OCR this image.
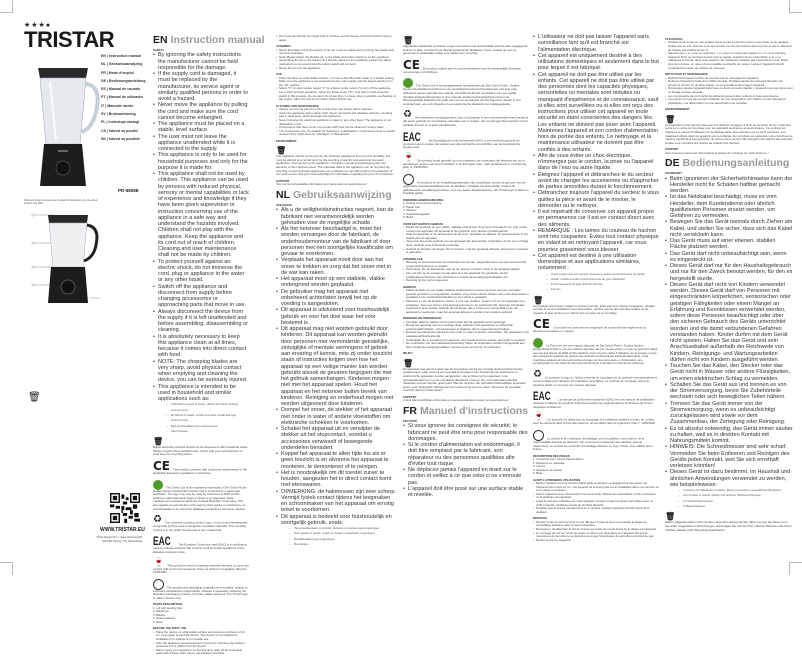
★★★●
TRISTAR
EN | Instruction manual
NL | Gebruiksaanwijzing
FR | Mode d'emploi
DE | Bedienungsanleitung
ES | Manual de usuario
PT | Manual de utilizador
IT | Manuale utente
SV | Bruksanvisning
PL | Instrukcja obsługi
CS | Návod na použití
SK | Návod na použitie
PD-5608E
Parts and product pictures are provided for illustration only; the actual product may differ.
🗑
WWW.TRISTAR.EU
Tristar Europe B.V. | Jules Verneweg 87 5015 BH Tilburg | The Netherlands
EN Instruction manual
SAFETY
• By ignoring the safety instructions the manufacturer cannot be held responsible for the damage.
• If the supply cord is damaged, it must be replaced by the manufacturer, its service agent or similarly qualified persons in order to avoid a hazard.
• Never move the appliance by pulling the cord and make sure the cord cannot become entangled.
• The appliance must be placed on a stable, level surface.
• The user must not leave the appliance unattended while it is connected to the supply.
• This appliance is only to be used for household purposes and only for the purpose it is made for.
• This appliance shall not be used by children. This appliance can be used by persons with reduced physical, sensory or mental capabilities or lack of experience and knowledge if they have been given supervision or instruction concerning use of the appliance in a safe way and understand the hazards involved. Children shall not play with the appliance. Keep the appliance and its cord out of reach of children. Cleaning and user maintenance shall not be made by children.
• To protect yourself against an electric shock, do not immerse the cord, plug or appliance in the water or any other liquid.
• Switch off the appliance and disconnect from supply before changing accessories or approaching parts that move in use.
• Always disconnect the device from the supply if it is left unattended and before assembling, disassembling or cleaning.
• It is absolutely necessary to keep this appliance clean at all times, because it comes into direct contact with food.
• NOTE: The chopping blades are very sharp, avoid physical contact when emptying and cleaning the device, you can be seriously injured.
• This appliance is intended to be used in household and similar applications such as:
– Staff kitchen areas in shops, offices and other working environments.
– By clients in hotels, motels and other residential type environments.
– Bed and breakfast type environments.
– Farm houses.
🗑
Waste electrical products should not be disposed of with household waste. Please recycle where facilities exist. Check with your local Authority or local store for recycling advice.
CE This product complies with conformity requirements of the applicable European regulations or directives.
The Green Dot is the registered trademark of Der Grüne Punkt - Duales System Deutschland GmbH and is protected as a trademark worldwide. The logo may only be used by customers of DSD GmbH holding a valid trademark usage contract or by approved waste management companies within the Federal Republic of Germany. This also applies to reproduction of the logo by third parties in a dictionary, an encyclopaedia or an electronic database containing a reference manual.
♻ The universal recycling symbol, logo, or icon is an internationally recognized symbol used to designate recyclable materials. The recycling symbol is in the public domain and is not a trademark.
EAC	The Eurasian Conformity mark (EAC) is a certification mark to indicate products that conform to all technical regulations of the Eurasian Customs Union.
🍷 This symbol is used for marking materials intended to come into contact with food in the European Union as defined in regulation (EC) No 1935/2004.
The product and packaging materials are recyclable, subject to extended manufacturer responsibility. Dispose it separately, following the illustrated packaging symbols, for better waste treatment. The Triman logo is valid in France only.
PARTS DESCRIPTION
1. Lid with feeding inlet
2. Plastic jar
3. Blades
4. Speed selector
5. Base
BEFORE THE FIRST USE
• Place the device on a flat stable surface and ensure a minimum of 10 cm. free space around the device. This device is not suitable for installation in a cabinet or for outside use.
• Take the appliance and accessories out the box. Remove the stickers, protective foil or plastic from the device.
• Before using your appliance for the first time, wipe off all removable parts with a damp cloth. Never use abrasive products.
• Don't use the blender for longer than 2 minutes. Let the device cool down before using it again.
ASSEMBLY
• Mount the blade unit to the bottom of the jar. Lock the blade unit by turning the plastic lock ring anti-clockwise.
• Note! Please fasten the blender jar on the blade unit before placing it on the appliance.
• Assembling the jar on the blade unit if already placed in the appliance causes the safety mechanism to not extend and the safety switch will not work.
• Mount the jar onto the appliance.
USE
• Place the base on a flat stable surface, not near a sink filled with water or a similar setting. Make sure the appliance is not connected to the main supply and the speed selector is in the "off" position.
• Select "1" for slow modes, select "2" for a faster mode, select 0 to turn off the appliance. For a short and fast operation, select the Pulse mode ("P"), and hold to hold down the switch in this position. Do not use it for longer than 1 minute, due to possible overheating of the engine. Allow the unit to cool down before further use.
CLEANING AND MAINTENANCE
• Always remove the plug from the socket when the device will be cleaned.
• Clean the appliance with a damp cloth. Never use harsh and abrasive cleaners, scouring pad or steel wool, which damages the appliance.
• Never immerse the electrical appliance in water or any other liquid. The appliance is not dishwasher proof.
• Components that have come into contact with food can be cleaned in soapy water.
• The components are not suitable for cleaning in a dishwasher. If exposed to heat or caustic cleaners they might become misshapen or discoloured.
ENVIRONMENT
🗑
This appliance should not be put into the domestic garbage at the end of its durability, but must be offered at a central point for the recycling of electric and electronic domestic appliances. This symbol on the appliance, instruction manual and packaging puts your attention to this important issue. The materials used in this appliance can be recycled. By recycling of used domestic appliances you contribute an important push to the protection of our environment. Ask your local authorities for information regarding the point of recollection.
SUPPORT
You can find all available information and spare parts at www.tristar.eu!
NL Gebruiksaanwijzing
VEILIGHEID
• Als u de veiligheidsinstructies negeert, kan de fabrikant niet verantwoordelijk worden gehouden voor de mogelijke schade.
• Als het netsnoer beschadigd is, moet het worden vervangen door de fabrikant, de onderhoudsmonteur van de fabrikant of door personen met een soortgelijke kwalificatie om gevaar te voorkomen.
• Verplaats het apparaat nooit door aan het snoer te trekken en zorg dat het snoer niet in de war kan raken.
• Het apparaat moet op een stabiele, vlakke ondergrond worden geplaatst.
• De gebruiker mag het apparaat niet onbeheerd achterlaten terwijl het op de voeding is aangesloten.
• Dit apparaat is uitsluitend voor huishoudelijk gebruik en voor het doel waar het voor bestemd is.
• Dit apparaat mag niet worden gebruikt door kinderen. Dit apparaat kan worden gebruikt door personen met verminderde geestelijke, zintuiglijke of mentale vermogens of gebrek aan ervaring of kennis, mits zij onder toezicht staan of instructies krijgen over hoe het apparaat op een veilige manier kan worden gebruikt alsook de gevaren begrijpen die met het gebruik samenhangen. Kinderen mogen niet met het apparaat spelen. Houd het apparaat en het netsnoer buiten bereik van kinderen. Reiniging en onderhoud mogen niet worden uitgevoerd door kinderen.
• Dompel het snoer, de stekker of het apparaat niet onder in water of andere vloeistoffen om elektrische schokken te voorkomen.
• Schakel het apparaat uit en verwijder de stekker uit het stopcontact, voordat u accessoires verwisselt of bewegende onderdelen benadert.
• Koppel het apparaat te allen tijde los als er geen toezicht is en alvorens het apparaat te monteren, te demonteren of te reinigen.
• Het is noodzakelijk om dit toestel zuiver te houden, aangezien het in direct contact komt met etenswaren.
• OPMERKING: de hakmessen zijn zeer scherp. Vermijd fysiek contact tijdens het leegmaken en schoonmaken van het apparaat om ernstig letsel te voorkomen.
• Dit apparaat is bedoeld voor huishoudelijk en soortgelijk gebruik, zoals:
– Personeelskeukens in winkels, kantoren en andere werkomgevingen.
– Door gasten in hotels, motels en andere residentiële omgevingen.
– Bed&Breakfast-type omgevingen.
– Boerderijen.
🗑
Afgedankte elektrische producten mogen niet samen met huishoudelijk afval worden weggegooid. Gelieve te laten recyclen bij de daarbij aangewezen faciliteiten. Neem contact op met uw gemeente of plaatselijke winkel voor advies over recycling.
CE Dit product voldoet aan de conformiteitseisen van de toepasselijke Europese verordeningen of richtlijnen.
The Green Dot is het geregistreerde handelsmerk van Der Grüne Punkt - Duales System Deutschland GmbH en is een wereldwijd beschermd handelsmerk. Het logo mag uitsluitend worden gebruikt door klanten van DSD GmbH die beschikken over een geldig handelsmerkgebruikscontract of door erkende afvalverwerkingsbedrijven binnen de Bondsrepubliek Duitsland. Dit geldt ook voor de reproductie van het logo door derden in een woordenboek, een encyclopedie of een elektronische databank met naslaggedeelte.
♻ Het universele recyclingsymbool, logo of pictogram is een internationaal erkend symbool dat wordt gebruikt om recyclebare materialen aan te duiden. Het recyclingsymbool behoort tot het publieke domein en is geen handelsmerk.
EAC	Het Euraziatische conformiteitsmerk (EAC) is een certificeringsmerk om producten aan te duiden die voldoen aan alle technische voorschriften van de Euraziatische douane-unie.
🍷 Dit symbool wordt gebruikt voor het markeren van materialen die bestemd zijn om in aanraking te komen met levensmiddelen in de Europese Unie, zoals gedefinieerd in verordening (EG) nr. 1935/2004.
Het product en de verpakkingsmaterialen zijn recyclebaar, binnen de grenzen van de uitgebreide verantwoordelijkheid van de fabrikant. Verwijder het afzonderlijk, volgens de geïllustreerde verpakkingssymbolen, voor een betere afvalverwerking. Het Triman-logo is alleen in Frankrijk geldig.
ONDERDELENBESCHRIJVING
1. Deksel met toevoeropening
2. Plastic kan
3. Messen
4. Snelheidsregelaar
5. Basis
VOOR HET EERSTE GEBRUIK
• Plaats het apparaat op een vlakke, stabiele ondergrond. Zorg voor minimaal 10 cm vrije ruimte rondom het apparaat. Dit apparaat is niet geschikt voor inbouw of buitengebruik.
• Haal het apparaat en de accessoires uit de doos. Verwijder de stickers, de beschermfolie of het plastic van het apparaat.
• Veeg voor het eerste gebruik van het apparaat alle afneembare onderdelen af met een vochtige doek. Gebruik nooit schurende producten.
• Gebruik de blender niet langer dan 2 minuten. Laat het apparaat afkoelen alvorens het opnieuw te gebruiken.
ASSEMBLAGE
• Bevestig de messenunit aan de onderkant van de kan. Vergrendel deze met door de kunststof vergrendeling linksom te draaien.
• Opmerking: Zet de blenderkan vast op de messen voordat u deze in het apparaat plaatst.
• Als u de kan op de messen zet als deze al in het apparaat zijn geplaatst, zal het veiligheidsmechanisme niet uitschuiven en werkt de beveiligingsschakelaar niet.
• Bevestig de kan op het apparaat.
GEBRUIK
• Plaats de basis op een vlakke stabiele ondergrond en nooit in de buurt van een met water gevulde gootsteen of vergelijkbare situaties. Zorg ervoor dat de stekker niet in het stopcontact is geplaatst en de snelheidsschakelaar op de 0 stand is geplaatst.
• Selecteer 1 voor de langzame modus, 2 voor een snellere modus en 0 om het apparaat uit te schakelen. Voor een kort en snel gebruik selecteert u de pulsfunctie (P). Houd de schakelaar ingedrukt in deze positie. Gebruik dit niet langer dan 1 minuut om oververhitting van het apparaat te voorkomen. Laat het apparaat afkoelen voordat u het opnieuw gebruikt.
REINIGING EN ONDERHOUD
• Verwijder altijd de stekker uit het stopcontact als het apparaat wordt gereinigd.
• Reinig het apparaat met een vochtige doek. Gebruik nooit agressieve en schurende schoonmaakmiddelen, schuursponsjes of staalwol, die het apparaat beschadigen.
• Dompel het elektrische apparaat nooit onder in water of andere vloeistoffen. Het apparaat is niet vaatwasmachinebestendig.
• Onderdelen die in aanraking zijn gekomen met voedsel kunnen worden gereinigd in sopwater.
• De onderdelen zijn niet vaatwasserbestendig. Indien de onderdelen worden blootgesteld aan hitte of bijtende reinigingsmiddelen, kunnen deze vervormen of verkleuren.
MILIEU
🗑
Dit apparaat mag aan het einde van de levensduur niet bij het normale huishoud afval worden gedeponeerd, maar moet bij een speciaal inzamelpunt voor hergebruik van elektrische en elektronische apparaten worden aangeboden. Het symbool op het apparaat, in de gebruiksaanwijzing en op de verpakking attendeert u hierop. De in het apparaat gebruikte materialen kunnen worden gerecycled. Met het recyclen van gebruikte huishoudelijke apparaten levert u een belangrijke bijdrage aan de bescherming van ons milieu. Informeer bij uw lokale overheid naar het inzamelpunt.
SUPPORT
U kunt alle beschikbare informatie en reserveonderdelen vinden op www.tristar.eu!
FR Manuel d'instructions
SÉCURITÉ
• Si vous ignorez les consignes de sécurité, le fabricant ne peut être tenu pour responsable des dommages.
• Si le cordon d'alimentation est endommagé, il doit être remplacé par le fabricant, son réparateur ou des personnes qualifiées afin d'éviter tout risque.
• Ne déplacez jamais l'appareil en tirant sur le cordon et veillez à ce que celui-ci ne s'enroule pas.
• L'appareil doit être posé sur une surface stable et nivelée.
• L'utilisateur ne doit pas laisser l'appareil sans surveillance tant qu'il est branché sur l'alimentation électrique.
• Cet appareil est uniquement destiné à des utilisations domestiques et seulement dans le but pour lequel il est fabriqué.
• Cet appareil ne doit pas être utilisé par les enfants. Cet appareil ne doit pas être utilisé par des personnes dont les capacités physiques, sensorielles ou mentales sont réduites ou manquant d'expérience et de connaissance, sauf si elles sont surveillées ou si elles ont reçu des instructions pour utiliser cet appareil en toute sécurité en étant conscientes des dangers liés. Les enfants ne doivent pas jouer avec l'appareil. Maintenez l'appareil et son cordon d'alimentation hors de portée des enfants. Le nettoyage et la maintenance utilisateur ne doivent pas être confiés à des enfants.
• Afin de vous éviter un choc électrique, n'immergez pas le cordon, la prise ou l'appareil dans de l'eau ou autre liquide.
• Éteignez l'appareil et débranchez-le du secteur avant de changer les accessoires ou d'approcher de parties amovibles durant le fonctionnement.
• Débranchez toujours l'appareil du secteur si vous quittez la pièce et avant de le monter, le démonter ou le nettoyer.
• Il est impératif de conserver cet appareil propre en permanence car il est en contact direct avec des aliments.
• REMARQUE : Les lames du couteau de hachoir sont très coupantes. Évitez tout contact physique en vidant et en nettoyant l'appareil, car vous pourriez gravement vous blesser.
• Cet appareil est destiné à une utilisation domestique et aux applications similaires, notamment :
– Coins cuisine des commerces, bureaux et autres environnements de travail.
– Hôtels, motels et autres environnements de type résidentiel.
– Environnements de type chambre d'hôtes.
– Fermes.
🗑
Les produits électriques usagés ne doivent pas être jetés avec les ordures ménagères. Veuillez recycler là où les installations sont disponibles. Vérifiez auprès des autorités locales ou du magasin le plus proche pour obtenir des conseils sur le recyclage.
CE Ce produit est conforme aux exigences de conformité des règlements ou directives européens en vigueur.
Le Point vert est une marque déposée de Der Grüne Punkt - Duales System Deutschland GmbH et est une marque déposée dans le monde entier. Le logo ne peut être utilisé que par des clients de DSD GmbH titulaires d'une licence valide d'utilisation de la marque ou par des entreprises agréées de gestion des déchets en République Fédérale Allemande. Cela s'applique également à la reproduction du logo par des tiers dans un dictionnaire, une encyclopédie ou une base de données électronique contenant un manuel de référence.
♻ Le symbole, le logo ou l'icône universel de recyclage est un symbole internationalement reconnu utilisé pour désigner les matériaux recyclables. Le symbole de recyclage relève du domaine public et n'est pas une marque déposée.
EAC	La marque de conformité eurasienne (EAC) est une marque de certification destinée à indiquer les produits conformes à toutes les réglementations techniques de l'Union douanière eurasienne.
🍷 Ce symbole est utilisé pour le marquage des matériaux destinés à entrer en contact avec les aliments dans l'Union Européenne, tel que défini dans le règlement (CE) n° 1935/2004.
Le produit et les matériaux d'emballage sont recyclables, sous réserve de la responsabilité étendue du fabricant. Par souci de bon traitement des déchets, jetez-le séparément, en suivant les symboles d'emballage illustrés. Le logo Triman n'est valable qu'en France.
DESCRIPTION DES PIÈCES
1. Couvercle avec trémie d'alimentation
2. Récipient en plastique
3. Lames
4. Sélecteur de vitesse
5. Base
AVANT LA PREMIÈRE UTILISATION
• Mettez l'appareil sur une surface stable plate et assurez un dégagement tout autour de l'appareil d'au moins 10 cm. Cet appareil ne convient pas à une installation dans une armoire ou à un usage à l'extérieur.
• Sortez l'appareil et les accessoires hors de la boîte. Retirez les autocollants, le film protecteur ou le plastique de l'appareil.
• Avant la première utilisation de votre appareil, essuyez toutes les pièces amovibles avec un chiffon humide. N'utilisez jamais de produits abrasifs.
• N'utilisez pas le mixeur pendant plus de 2 minutes. Laissez l'appareil refroidir avant de le réutiliser.
MONTAGE
• Montez l'unité de lame au fond du pot. Bloquez l'unité de lame en tournant la bague de verrouillage plastique dans le sens antihoraire.
• Remarque ! Veuillez fixer le bol du mixeur sur l'unité de coupe avant de le placer sur l'appareil.
• Le montage du bol sur l'unité de coupe si celui-ci est déjà placé sur l'appareil fait que le mécanisme de sécurité ne se déploie pas et que l'interrupteur de sécurité ne fonctionne pas.
• Montez le pot sur l'appareil.
UTILISATION
• Positionnez le socle sur une surface plane et pas à côté d'un évier rempli d'eau ou de quelque liquide que ce soit, assurez-vous que la fiche ne soit pas insérée dans la prise et que le sélecteur de vitesse soit positionné sur 0.
• Sélectionnez « 1 » pour le mode lent, « 2 » pour un mode plus rapide ou « 0 » pour éteindre l'appareil. Pour un fonctionnement court et rapide, sélectionnez le mode Pulse (« P ») et maintenez le bouton dans cette position. Ne maintenez toutefois pas l'appareil en mode Pulse plus de 1 minute, en raison d'une possible surchauffe du moteur. Laissez l'appareil refroidir complètement avant de l'utiliser de nouveau.
NETTOYAGE ET MAINTENANCE
• Débranchez toujours la fiche de la prise lors du nettoyage de l'appareil.
• Nettoyez l'appareil à l'aide d'un chiffon humide. N'utilisez jamais de nettoyant abrasif ni de tampon à récurer ou de laine d'acier, ce qui pourrait endommager l'appareil.
• N'immergez jamais l'appareil dans l'eau ou dans tout autre liquide. L'appareil n'est pas prévu pour un lavage au lave-vaisselle.
• Les composants qui ont touché les aliments peuvent être nettoyés à l'eau savonneuse.
• Les pièces ne vont pas au lave-vaisselle. En cas d'exposition à la chaleur ou des détergents caustiques, une déformation ou une décoloration est possible.
ENVIRONNEMENT
🗑
Cet appareil ne doit pas être jeté avec les déchets ménagers à la fin de sa durée de vie, il doit être remis à un centre de recyclage pour les appareils électriques et électroniques. Ce symbole sur l'appareil, le manuel d'utilisation et l'emballage attire votre attention sur ce point important. Les matériaux utilisés dans cet appareil sont recyclables. En recyclant vos appareils, vous contribuez de manière significative à la protection de notre environnement. Renseignez-vous auprès des autorités locales pour connaître les centres de collecte des déchets.
SUPPORT
Vous trouverez toutes les informations et pièces de rechange sur www.tristar.eu !
DE Bedienungsanleitung
SICHERHEIT
• Beim Ignorieren der Sicherheitshinweise kann der Hersteller nicht für Schäden haftbar gemacht werden.
• Ist das Netzkabel beschädigt, muss es vom Hersteller, dem Kundendienst oder ähnlich qualifizierten Personen ersetzt werden, um Gefahren zu vermeiden.
• Bewegen Sie das Gerät niemals durch Ziehen am Kabel, und stellen Sie sicher, dass sich das Kabel nicht verwickeln kann.
• Das Gerät muss auf einer ebenen, stabilen Fläche platziert werden.
• Das Gerät darf nicht unbeaufsichtigt sein, wenn es eingesteckt ist.
• Dieses Gerät darf nur für den Haushaltsgebrauch und nur für den Zweck benutzt werden, für den es hergestellt wurde.
• Dieses Gerät darf nicht von Kindern verwendet werden. Dieses Gerät darf von Personen mit eingeschränkten körperlichen, sensorischen oder geistigen Fähigkeiten oder einem Mangel an Erfahrung und Kenntnissen verwendet werden, sofern diese Personen beaufsichtigt oder über den sicheren Gebrauch des Geräts unterrichtet wurden und die damit verbundenen Gefahren verstanden haben. Kinder dürfen mit dem Gerät nicht spielen. Halten Sie das Gerät und sein Anschlusskabel außerhalb der Reichweite von Kindern. Reinigungs- und Wartungsarbeiten dürfen nicht von Kindern ausgeführt werden.
• Tauchen Sie das Kabel, den Stecker oder das Gerät nicht in Wasser oder andere Flüssigkeiten, um einen elektrischen Schlag zu vermeiden.
• Schalten Sie das Gerät aus und trennen es von der Stromversorgung, bevor Sie Zubehörteile wechseln oder sich beweglichen Teilen nähern.
• Trennen Sie das Gerät immer von der Stromversorgung, wenn es unbeaufsichtigt zurückgelassen wird sowie vor dem Zusammenbau, der Zerlegung oder Reinigung.
• Es ist absolut notwendig, das Gerät immer sauber zu halten, weil es in direkten Kontakt mit Nahrungsmitteln kommt.
• HINWEIS: Die Schneidmesser sind sehr scharf. Vermeiden Sie beim Entleeren und Reinigen des Geräts jeden Kontakt, weil Sie sich ernsthaft verletzen könnten!
• Dieses Gerät ist dazu bestimmt, im Haushalt und ähnlichen Anwendungen verwendet zu werden, wie beispielsweise:
– In Küchen für Mitarbeiter in Läden, Büros und anderen gewerblichen Bereichen.
– Von Kunden in Hotels, Motels und anderen Wohneinrichtungen.
– In Frühstückspensionen.
– In Bauernhäusern.
🗑
Elektro-Altgeräte sollten nicht mit dem Hausmüll entsorgt werden. Bitte recyceln Sie diese nur in den dafür vorgesehenen Einrichtungen. Erkundigen Sie sich bei Ihrer örtlichen Behörde oder Ihrem örtlichen Händler nach Recyclingmöglichkeiten.
